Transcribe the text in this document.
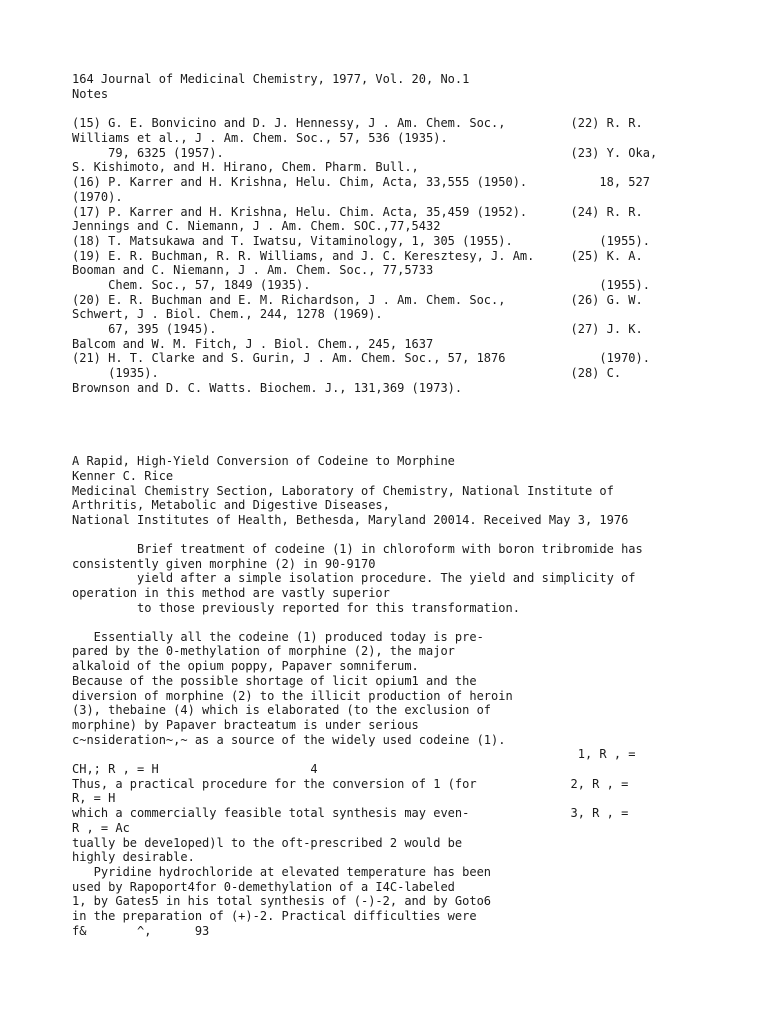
164 Journal of Medicinal Chemistry, 1977, Vol. 20, No.1
Notes
(15) G. E. Bonvicino and D. J. Hennessy, J . Am. Chem. Soc.,         (22) R. R.
Williams et al., J . Am. Chem. Soc., 57, 536 (1935).
79, 6325 (1957).                                                (23) Y. Oka,
S. Kishimoto, and H. Hirano, Chem. Pharm. Bull.,
(16) P. Karrer and H. Krishna, Helu. Chim, Acta, 33,555 (1950).          18, 527
(1970).
(17) P. Karrer and H. Krishna, Helu. Chim. Acta, 35,459 (1952).      (24) R. R.
Jennings and C. Niemann, J . Am. Chem. SOC.,77,5432
(18) T. Matsukawa and T. Iwatsu, Vitaminology, 1, 305 (1955).            (1955).
(19) E. R. Buchman, R. R. Williams, and J. C. Keresztesy, J. Am.     (25) K. A.
Booman and C. Niemann, J . Am. Chem. Soc., 77,5733
Chem. Soc., 57, 1849 (1935).                                        (1955).
(20) E. R. Buchman and E. M. Richardson, J . Am. Chem. Soc.,         (26) G. W.
Schwert, J . Biol. Chem., 244, 1278 (1969).
67, 395 (1945).                                                 (27) J. K.
Balcom and W. M. Fitch, J . Biol. Chem., 245, 1637
(21) H. T. Clarke and S. Gurin, J . Am. Chem. Soc., 57, 1876             (1970).
(1935).                                                         (28) C.
Brownson and D. C. Watts. Biochem. J., 131,369 (1973).
A Rapid, High-Yield Conversion of Codeine to Morphine
Kenner C. Rice
Medicinal Chemistry Section, Laboratory of Chemistry, National Institute of
Arthritis, Metabolic and Digestive Diseases,
National Institutes of Health, Bethesda, Maryland 20014. Received May 3, 1976
Brief treatment of codeine (1) in chloroform with boron tribromide has
consistently given morphine (2) in 90-9170
yield after a simple isolation procedure. The yield and simplicity of
operation in this method are vastly superior
to those previously reported for this transformation.
Essentially all the codeine (1) produced today is pre-
pared by the 0-methylation of morphine (2), the major
alkaloid of the opium poppy, Papaver somniferum.
Because of the possible shortage of licit opium1 and the
diversion of morphine (2) to the illicit production of heroin
(3), thebaine (4) which is elaborated (to the exclusion of
morphine) by Papaver bracteatum is under serious
c~nsideration~,~ as a source of the widely used codeine (1).
1, R , =
CH,; R , = H                     4
Thus, a practical procedure for the conversion of 1 (for             2, R , =
R, = H
which a commercially feasible total synthesis may even-              3, R , =
R , = Ac
tually be deve1oped)l to the oft-prescribed 2 would be
highly desirable.
Pyridine hydrochloride at elevated temperature has been
used by Rapoport4for 0-demethylation of a I4C-labeled
1, by Gates5 in his total synthesis of (-)-2, and by Goto6
in the preparation of (+)-2. Practical difficulties were
f&       ^,      93
